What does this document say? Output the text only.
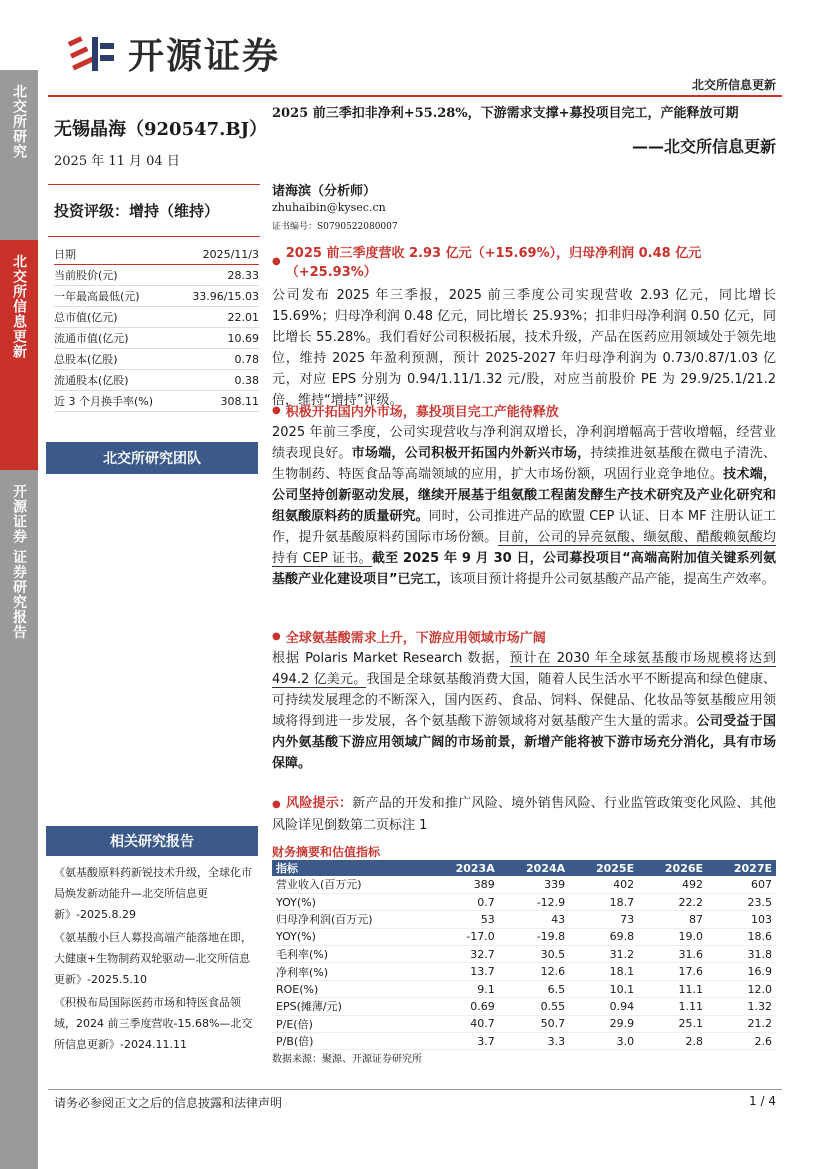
北交所研究
北交所信息更新
开源证券 证券研究报告
开源证券
北交所信息更新
无锡晶海（920547.BJ）
2025 年 11 月 04 日
投资评级：增持（维持）
日期	2025/11/3
当前股价(元)	28.33
一年最高最低(元)	33.96/15.03
总市值(亿元)	22.01
流通市值(亿元)	10.69
总股本(亿股)	0.78
流通股本(亿股)	0.38
近 3 个月换手率(%)	308.11
北交所研究团队
相关研究报告
《氨基酸原料药新锐技术升级，全球化市局焕发新动能升—北交所信息更新》-2025.8.29
《氨基酸小巨人募投高端产能落地在即，大健康+生物制药双轮驱动—北交所信息更新》-2025.5.10
《积极布局国际医药市场和特医食品领域，2024 前三季度营收-15.68%—北交所信息更新》-2024.11.11
2025 前三季扣非净利+55.28%，下游需求支撑+募投项目完工，产能释放可期
——北交所信息更新
诸海滨（分析师）
zhuhaibin@kysec.cn
证书编号：S0790522080007
● 2025 前三季度营收 2.93 亿元（+15.69%），归母净利润 0.48 亿元（+25.93%）
公司发布 2025 年三季报，2025 前三季度公司实现营收 2.93 亿元，同比增长 15.69%；归母净利润 0.48 亿元，同比增长 25.93%；扣非归母净利润 0.50 亿元，同比增长 55.28%。我们看好公司积极拓展，技术升级，产品在医药应用领域处于领先地位，维持 2025 年盈利预测，预计 2025-2027 年归母净利润为 0.73/0.87/1.03 亿元，对应 EPS 分别为 0.94/1.11/1.32 元/股，对应当前股价 PE 为 29.9/25.1/21.2 倍，维持“增持”评级。
● 积极开拓国内外市场，募投项目完工产能待释放
2025 年前三季度，公司实现营收与净利润双增长，净利润增幅高于营收增幅，经营业绩表现良好。市场端，公司积极开拓国内外新兴市场，持续推进氨基酸在微电子清洗、生物制药、特医食品等高端领域的应用，扩大市场份额，巩固行业竞争地位。技术端，公司坚持创新驱动发展，继续开展基于组氨酸工程菌发酵生产技术研究及产业化研究和组氨酸原料药的质量研究。同时，公司推进产品的欧盟 CEP 认证、日本 MF 注册认证工作，提升氨基酸原料药国际市场份额。目前，公司的异亮氨酸、缬氨酸、醋酸赖氨酸均持有 CEP 证书。截至 2025 年 9 月 30 日，公司募投项目“高端高附加值关键系列氨基酸产业化建设项目”已完工，该项目预计将提升公司氨基酸产品产能，提高生产效率。
● 全球氨基酸需求上升，下游应用领域市场广阔
根据 Polaris Market Research 数据，预计在 2030 年全球氨基酸市场规模将达到 494.2 亿美元。我国是全球氨基酸消费大国，随着人民生活水平不断提高和绿色健康、可持续发展理念的不断深入，国内医药、食品、饲料、保健品、化妆品等氨基酸应用领域将得到进一步发展，各个氨基酸下游领域将对氨基酸产生大量的需求。公司受益于国内外氨基酸下游应用领域广阔的市场前景，新增产能将被下游市场充分消化，具有市场保障。
● 风险提示：新产品的开发和推广风险、境外销售风险、行业监管政策变化风险、其他风险详见倒数第二页标注 1
财务摘要和估值指标
指标	2023A	2024A	2025E	2026E	2027E
营业收入(百万元)	389	339	402	492	607
YOY(%)	0.7	-12.9	18.7	22.2	23.5
归母净利润(百万元)	53	43	73	87	103
YOY(%)	-17.0	-19.8	69.8	19.0	18.6
毛利率(%)	32.7	30.5	31.2	31.6	31.8
净利率(%)	13.7	12.6	18.1	17.6	16.9
ROE(%)	9.1	6.5	10.1	11.1	12.0
EPS(摊薄/元)	0.69	0.55	0.94	1.11	1.32
P/E(倍)	40.7	50.7	29.9	25.1	21.2
P/B(倍)	3.7	3.3	3.0	2.8	2.6
数据来源：聚源、开源证券研究所
请务必参阅正文之后的信息披露和法律声明	1 / 4
